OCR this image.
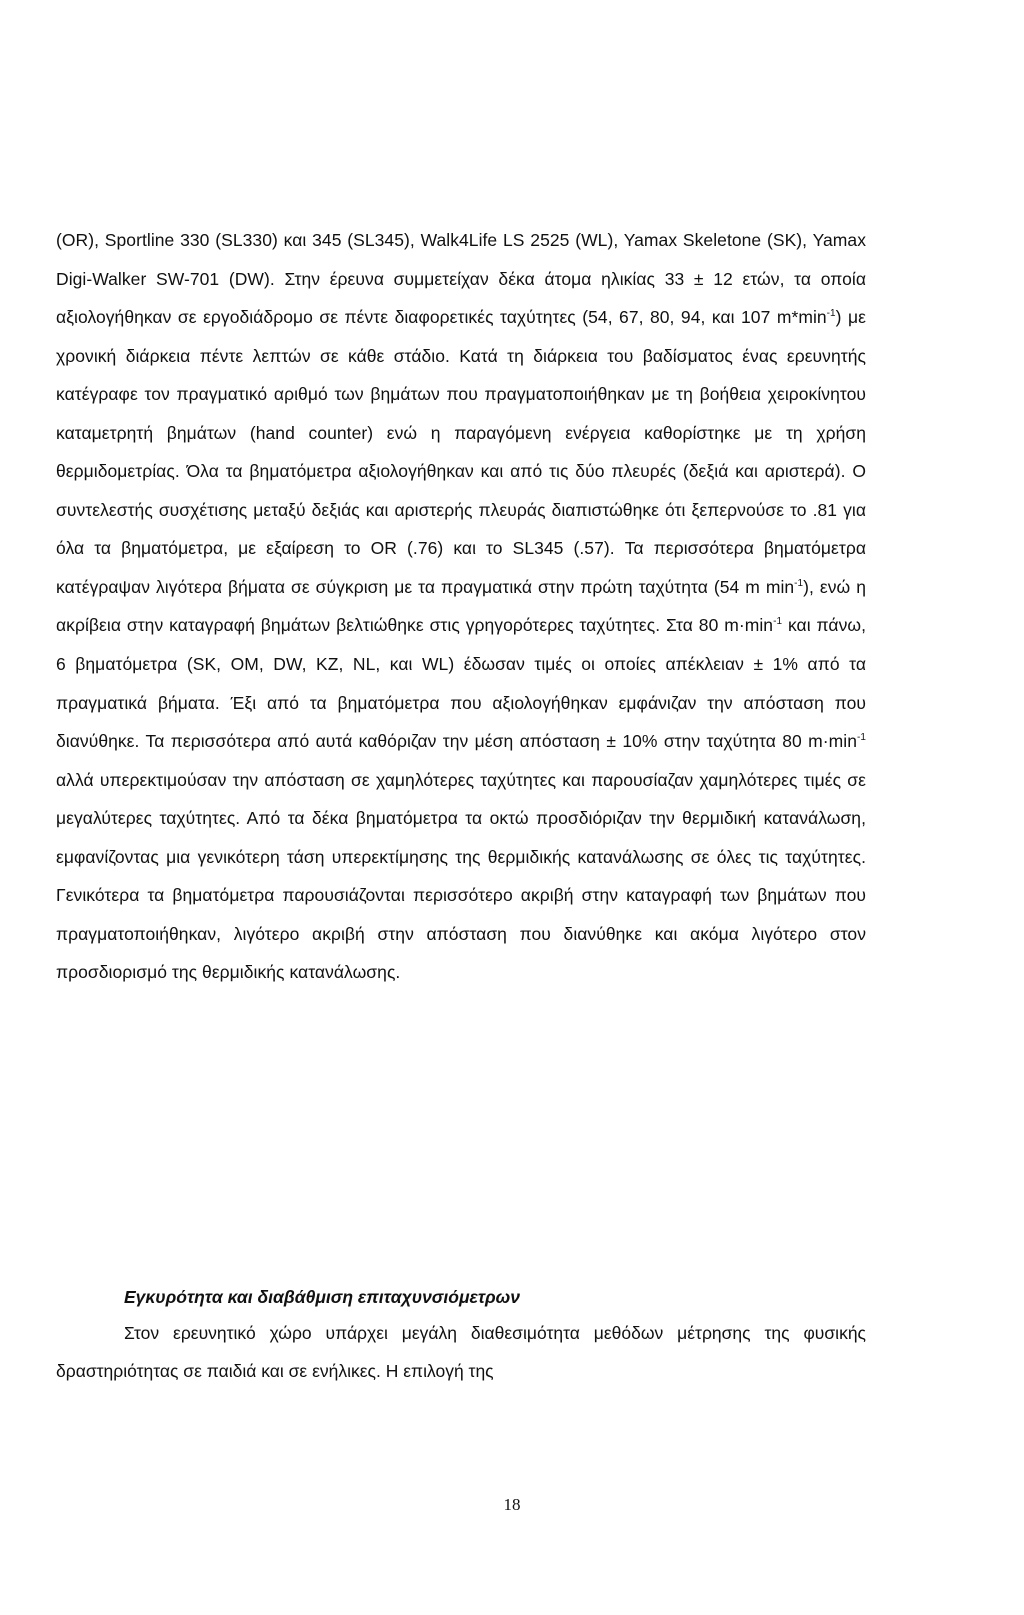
(OR), Sportline 330 (SL330) και 345 (SL345), Walk4Life LS 2525 (WL), Yamax Skeletone (SK), Yamax Digi-Walker SW-701 (DW). Στην έρευνα συμμετείχαν δέκα άτομα ηλικίας 33 ± 12 ετών, τα οποία αξιολογήθηκαν σε εργοδιάδρομο σε πέντε διαφορετικές ταχύτητες (54, 67, 80, 94, και 107 $m*\min^{-1}$) με χρονική διάρκεια πέντε λεπτών σε κάθε στάδιο. Κατά τη διάρκεια του βαδίσματος ένας ερευνητής κατέγραφε τον πραγματικό αριθμό των βημάτων που πραγματοποιήθηκαν με τη βοήθεια χειροκίνητου καταμετρητή βημάτων (hand counter) ενώ η παραγόμενη ενέργεια καθορίστηκε με τη χρήση θερμιδομετρίας. Όλα τα βηματόμετρα αξιολογήθηκαν και από τις δύο πλευρές (δεξιά και αριστερά). Ο συντελεστής συσχέτισης μεταξύ δεξιάς και αριστερής πλευράς διαπιστώθηκε ότι ξεπερνούσε το .81 για όλα τα βηματόμετρα, με εξαίρεση το OR (.76) και το SL345 (.57). Τα περισσότερα βηματόμετρα κατέγραψαν λιγότερα βήματα σε σύγκριση με τα πραγματικά στην πρώτη ταχύτητα (54 m $\min^{-1}$), ενώ η ακρίβεια στην καταγραφή βημάτων βελτιώθηκε στις γρηγορότερες ταχύτητες. Στα 80 $m\cdot\min^{-1}$ και πάνω, 6 βηματόμετρα (SK, OM, DW, KZ, NL, και WL) έδωσαν τιμές οι οποίες απέκλειαν ± 1% από τα πραγματικά βήματα. Έξι από τα βηματόμετρα που αξιολογήθηκαν εμφάνιζαν την απόσταση που διανύθηκε. Τα περισσότερα από αυτά καθόριζαν την μέση απόσταση ± 10% στην ταχύτητα 80 $m\cdot\min^{-1}$ αλλά υπερεκτιμούσαν την απόσταση σε χαμηλότερες ταχύτητες και παρουσίαζαν χαμηλότερες τιμές σε μεγαλύτερες ταχύτητες. Από τα δέκα βηματόμετρα τα οκτώ προσδιόριζαν την θερμιδική κατανάλωση, εμφανίζοντας μια γενικότερη τάση υπερεκτίμησης της θερμιδικής κατανάλωσης σε όλες τις ταχύτητες. Γενικότερα τα βηματόμετρα παρουσιάζονται περισσότερο ακριβή στην καταγραφή των βημάτων που πραγματοποιήθηκαν, λιγότερο ακριβή στην απόσταση που διανύθηκε και ακόμα λιγότερο στον προσδιορισμό της θερμιδικής κατανάλωσης.

Εγκυρότητα και διαβάθμιση επιταχυνσιόμετρων
Στον ερευνητικό χώρο υπάρχει μεγάλη διαθεσιμότητα μεθόδων μέτρησης της φυσικής δραστηριότητας σε παιδιά και σε ενήλικες. Η επιλογή της
18
